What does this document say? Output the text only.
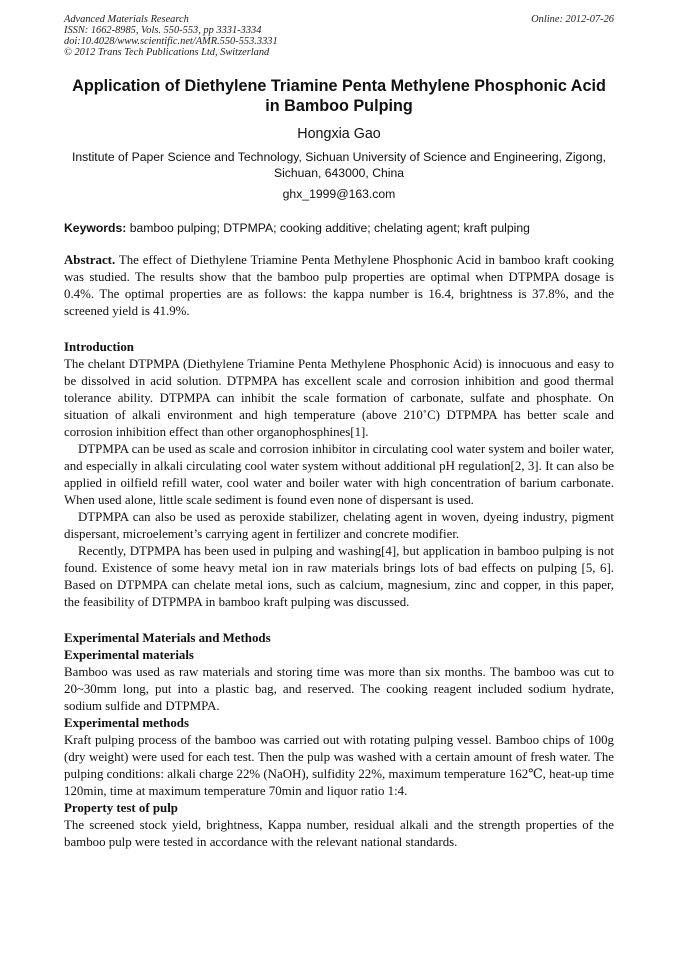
Advanced Materials Research
ISSN: 1662-8985, Vols. 550-553, pp 3331-3334
doi:10.4028/www.scientific.net/AMR.550-553.3331
© 2012 Trans Tech Publications Ltd, Switzerland
Online: 2012-07-26
Application of Diethylene Triamine Penta Methylene Phosphonic Acid in Bamboo Pulping
Hongxia Gao
Institute of Paper Science and Technology, Sichuan University of Science and Engineering, Zigong, Sichuan, 643000, China
ghx_1999@163.com
Keywords: bamboo pulping; DTPMPA; cooking additive; chelating agent; kraft pulping
Abstract. The effect of Diethylene Triamine Penta Methylene Phosphonic Acid in bamboo kraft cooking was studied. The results show that the bamboo pulp properties are optimal when DTPMPA dosage is 0.4%. The optimal properties are as follows: the kappa number is 16.4, brightness is 37.8%, and the screened yield is 41.9%.
Introduction

The chelant DTPMPA (Diethylene Triamine Penta Methylene Phosphonic Acid) is innocuous and easy to be dissolved in acid solution. DTPMPA has excellent scale and corrosion inhibition and good thermal tolerance ability. DTPMPA can inhibit the scale formation of carbonate, sulfate and phosphate. On situation of alkali environment and high temperature (above 210˚C) DTPMPA has better scale and corrosion inhibition effect than other organophosphines[1].

DTPMPA can be used as scale and corrosion inhibitor in circulating cool water system and boiler water, and especially in alkali circulating cool water system without additional pH regulation[2, 3]. It can also be applied in oilfield refill water, cool water and boiler water with high concentration of barium carbonate. When used alone, little scale sediment is found even none of dispersant is used.

DTPMPA can also be used as peroxide stabilizer, chelating agent in woven, dyeing industry, pigment dispersant, microelement’s carrying agent in fertilizer and concrete modifier.

Recently, DTPMPA has been used in pulping and washing[4], but application in bamboo pulping is not found. Existence of some heavy metal ion in raw materials brings lots of bad effects on pulping [5, 6]. Based on DTPMPA can chelate metal ions, such as calcium, magnesium, zinc and copper, in this paper, the feasibility of DTPMPA in bamboo kraft pulping was discussed.

Experimental Materials and Methods
Experimental materials

Bamboo was used as raw materials and storing time was more than six months. The bamboo was cut to 20~30mm long, put into a plastic bag, and reserved. The cooking reagent included sodium hydrate, sodium sulfide and DTPMPA.

Experimental methods

Kraft pulping process of the bamboo was carried out with rotating pulping vessel. Bamboo chips of 100g (dry weight) were used for each test. Then the pulp was washed with a certain amount of fresh water. The pulping conditions: alkali charge 22% (NaOH), sulfidity 22%, maximum temperature 162℃, heat-up time 120min, time at maximum temperature 70min and liquor ratio 1:4.

Property test of pulp

The screened stock yield, brightness, Kappa number, residual alkali and the strength properties of the bamboo pulp were tested in accordance with the relevant national standards.
